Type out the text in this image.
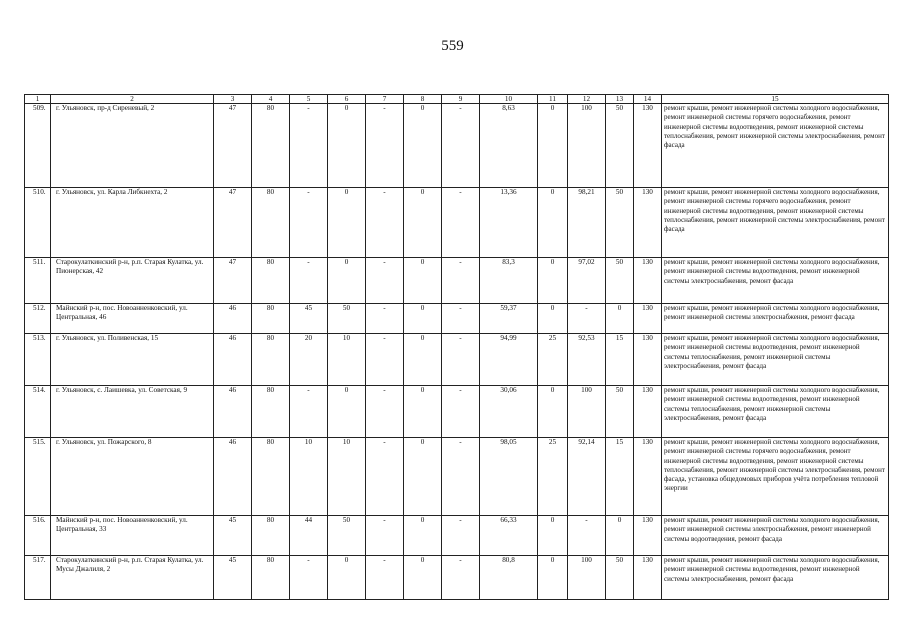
559
1	2	3	4	5	6	7	8	9	10	11	12	13	14	15
509.	г. Ульяновск, пр-д Сиреневый, 2	47	80	-	0	-	0	-	8,63	0	100	50	130	ремонт крыши, ремонт инженерной системы холодного водоснабжения, ремонт инженерной системы горячего водоснабжения, ремонт инженерной системы водоотведения, ремонт инженерной системы теплоснабжения, ремонт инженерной системы электроснабжения, ремонт фасада
510.	г. Ульяновск, ул. Карла Либкнехта, 2	47	80	-	0	-	0	-	13,36	0	98,21	50	130	ремонт крыши, ремонт инженерной системы холодного водоснабжения, ремонт инженерной системы горячего водоснабжения, ремонт инженерной системы водоотведения, ремонт инженерной системы теплоснабжения, ремонт инженерной системы электроснабжения, ремонт фасада
511.	Старокулаткинский р-н, р.п. Старая Кулатка, ул. Пионерская, 42	47	80	-	0	-	0	-	83,3	0	97,02	50	130	ремонт крыши, ремонт инженерной системы холодного водоснабжения, ремонт инженерной системы водоотведения, ремонт инженерной системы электроснабжения, ремонт фасада
512.	Майнский р-н, пос. Новоанненковский, ул. Центральная, 46	46	80	45	50	-	0	-	59,37	0	-	0	130	ремонт крыши, ремонт инженерной системы холодного водоснабжения, ремонт инженерной системы электроснабжения, ремонт фасада
513.	г. Ульяновск, ул. Поливенская, 15	46	80	20	10	-	0	-	94,99	25	92,53	15	130	ремонт крыши, ремонт инженерной системы холодного водоснабжения, ремонт инженерной системы водоотведения, ремонт инженерной системы теплоснабжения, ремонт инженерной системы электроснабжения, ремонт фасада
514.	г. Ульяновск, с. Лаишевка, ул. Советская, 9	46	80	-	0	-	0	-	30,06	0	100	50	130	ремонт крыши, ремонт инженерной системы холодного водоснабжения, ремонт инженерной системы водоотведения, ремонт инженерной системы теплоснабжения, ремонт инженерной системы электроснабжения, ремонт фасада
515.	г. Ульяновск, ул. Пожарского, 8	46	80	10	10	-	0	-	98,05	25	92,14	15	130	ремонт крыши, ремонт инженерной системы холодного водоснабжения, ремонт инженерной системы горячего водоснабжения, ремонт инженерной системы водоотведения, ремонт инженерной системы теплоснабжения, ремонт инженерной системы электроснабжения, ремонт фасада, установка общедомовых приборов учёта потребления тепловой энергии
516.	Майнский р-н, пос. Новоанненковский, ул. Центральная, 33	45	80	44	50	-	0	-	66,33	0	-	0	130	ремонт крыши, ремонт инженерной системы холодного водоснабжения, ремонт инженерной системы электроснабжения, ремонт инженерной системы водоотведения, ремонт фасада
517.	Старокулаткинский р-н, р.п. Старая Кулатка, ул. Мусы Джалиля, 2	45	80	-	0	-	0	-	80,8	0	100	50	130	ремонт крыши, ремонт инженерной системы холодного водоснабжения, ремонт инженерной системы водоотведения, ремонт инженерной системы электроснабжения, ремонт фасада
